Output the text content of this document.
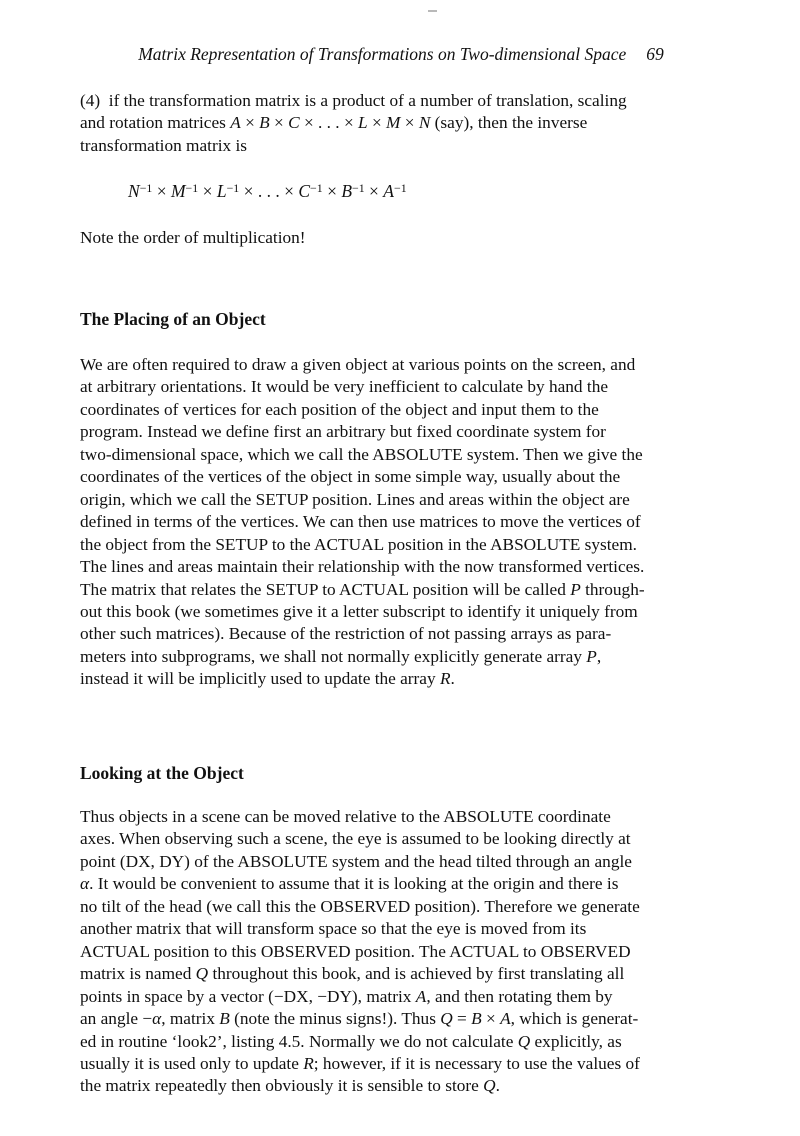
Matrix Representation of Transformations on Two-dimensional Space 69
(4) if the transformation matrix is a product of a number of translation, scaling
and rotation matrices A × B × C × . . . × L × M × N (say), then the inverse
transformation matrix is
$N^{-1} \times M^{-1} \times L^{-1}$ × . . . × $C^{-1} \times B^{-1} \times A^{-1}$
Note the order of multiplication!
The Placing of an Object
We are often required to draw a given object at various points on the screen, and
at arbitrary orientations. It would be very inefficient to calculate by hand the
coordinates of vertices for each position of the object and input them to the
program. Instead we define first an arbitrary but fixed coordinate system for
two-dimensional space, which we call the ABSOLUTE system. Then we give the
coordinates of the vertices of the object in some simple way, usually about the
origin, which we call the SETUP position. Lines and areas within the object are
defined in terms of the vertices. We can then use matrices to move the vertices of
the object from the SETUP to the ACTUAL position in the ABSOLUTE system.
The lines and areas maintain their relationship with the now transformed vertices.
The matrix that relates the SETUP to ACTUAL position will be called P through-
out this book (we sometimes give it a letter subscript to identify it uniquely from
other such matrices). Because of the restriction of not passing arrays as para-
meters into subprograms, we shall not normally explicitly generate array P,
instead it will be implicitly used to update the array R.
Looking at the Object
Thus objects in a scene can be moved relative to the ABSOLUTE coordinate
axes. When observing such a scene, the eye is assumed to be looking directly at
point (DX, DY) of the ABSOLUTE system and the head tilted through an angle
α. It would be convenient to assume that it is looking at the origin and there is
no tilt of the head (we call this the OBSERVED position). Therefore we generate
another matrix that will transform space so that the eye is moved from its
ACTUAL position to this OBSERVED position. The ACTUAL to OBSERVED
matrix is named Q throughout this book, and is achieved by first translating all
points in space by a vector (−DX, −DY), matrix A, and then rotating them by
an angle −α, matrix B (note the minus signs!). Thus Q = B × A, which is generat-
ed in routine ‘look2’, listing 4.5. Normally we do not calculate Q explicitly, as
usually it is used only to update R; however, if it is necessary to use the values of
the matrix repeatedly then obviously it is sensible to store Q.
